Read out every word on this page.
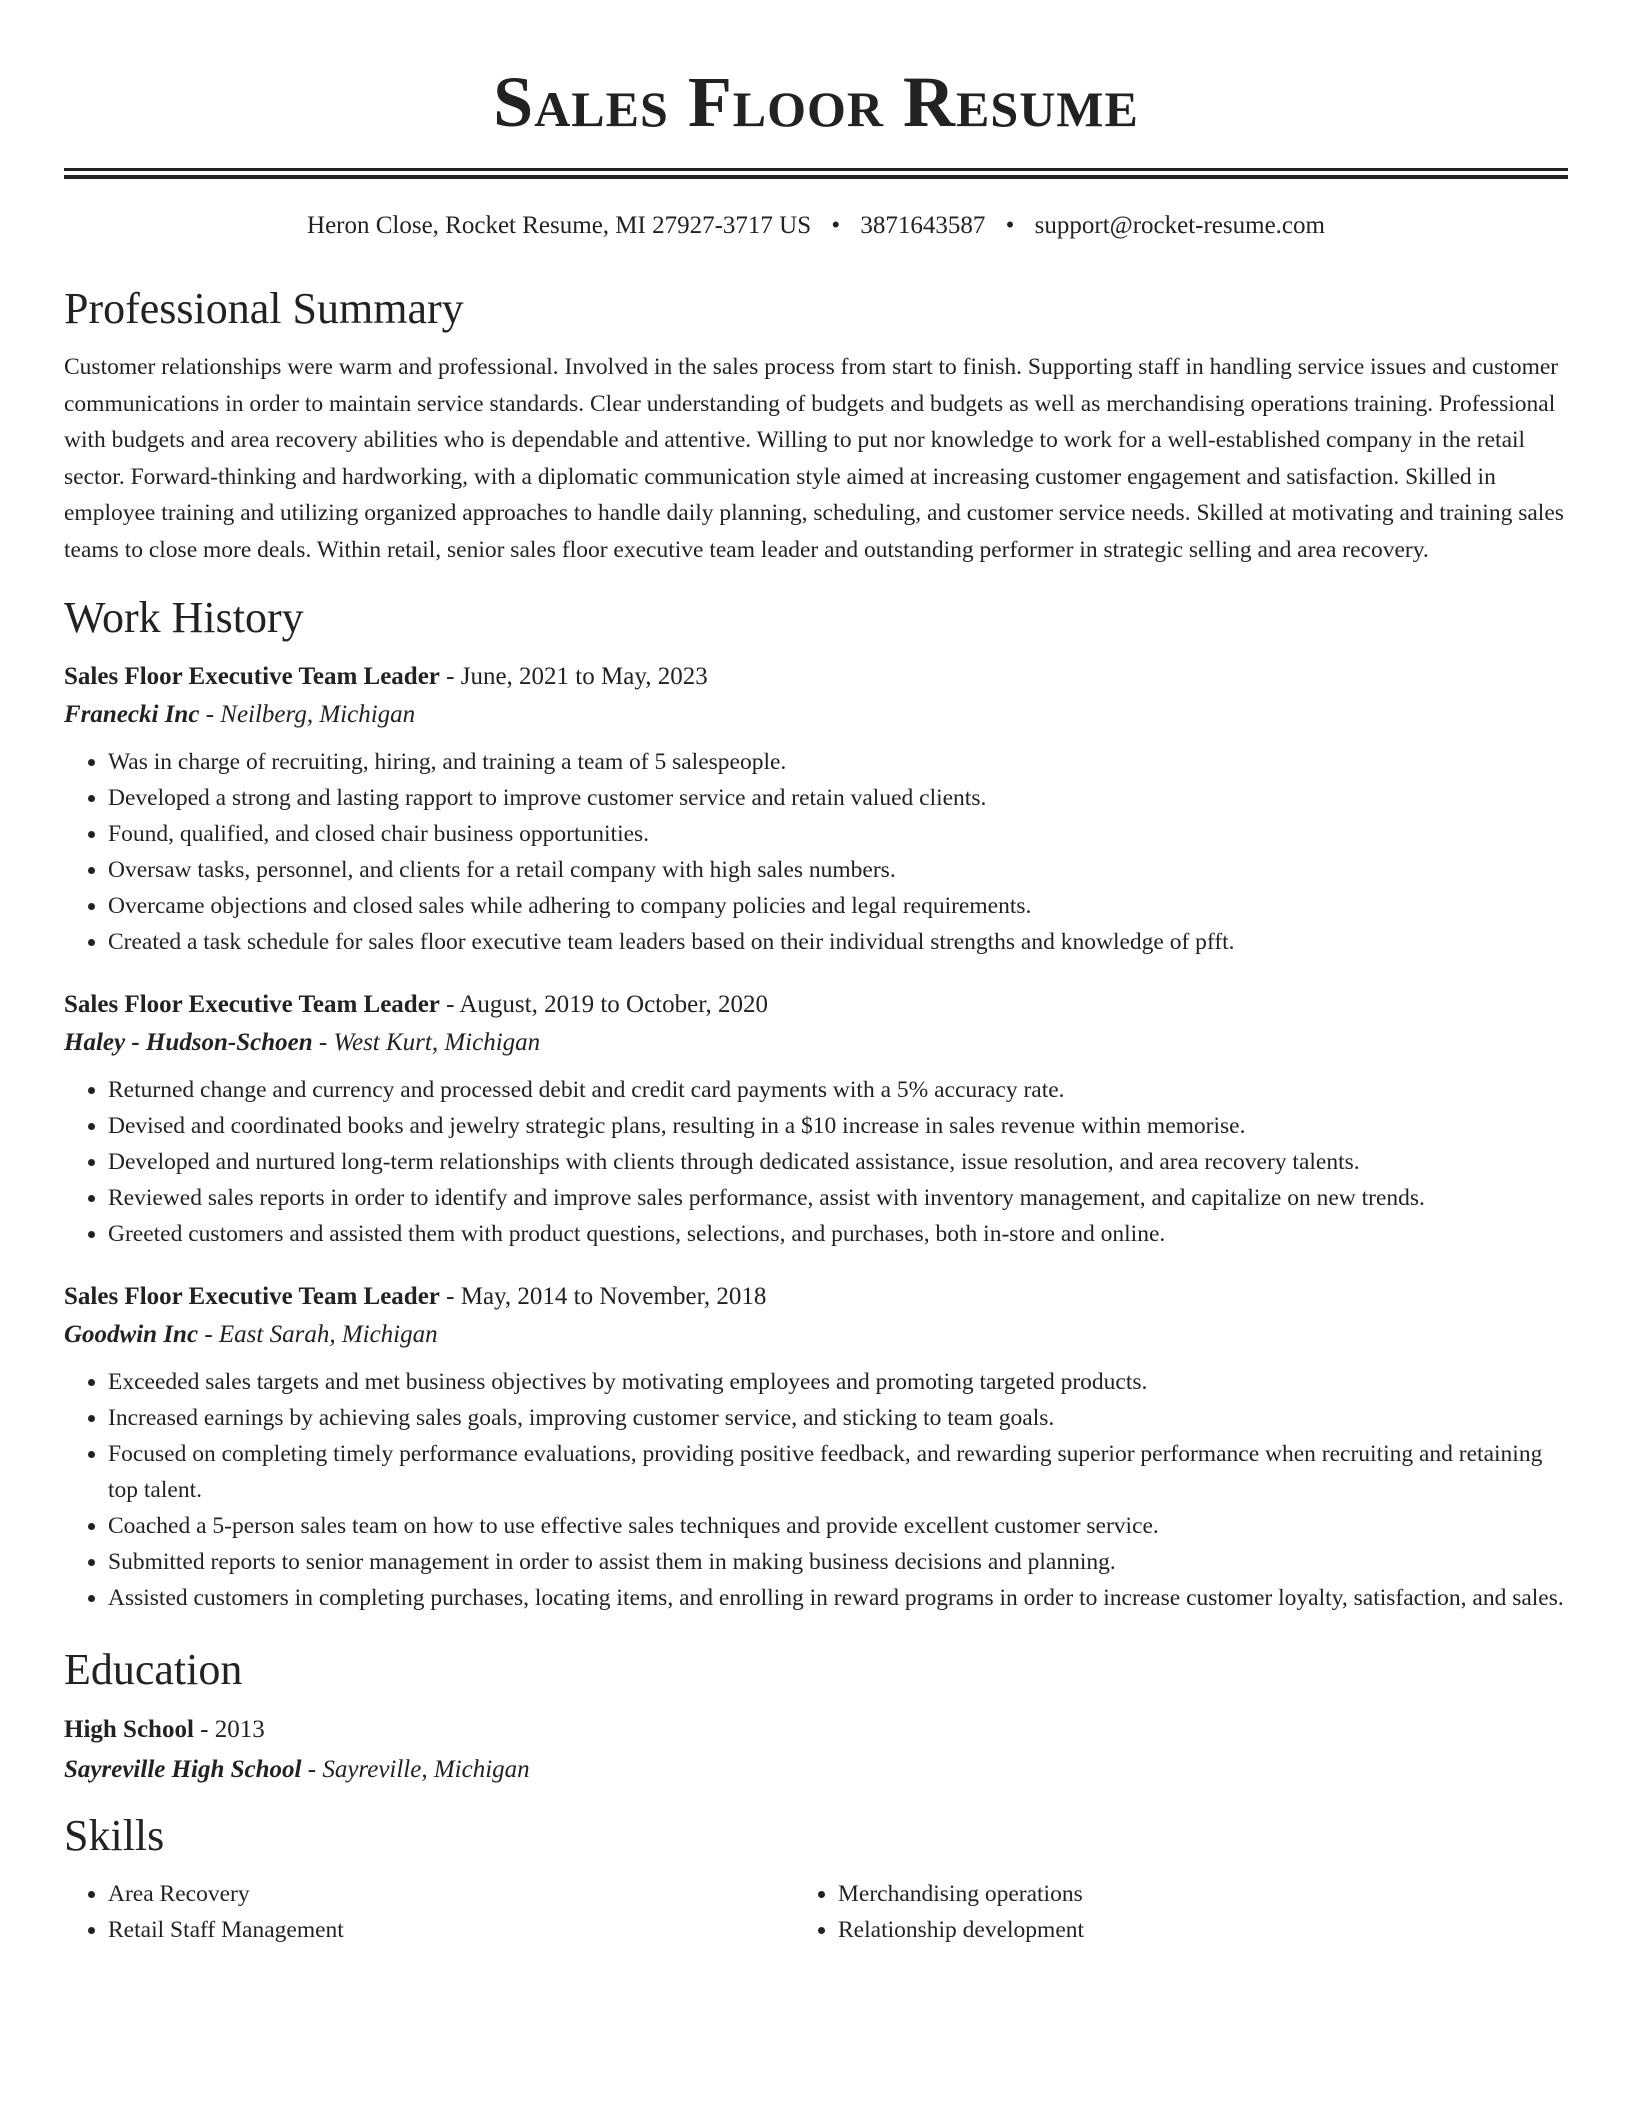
Sales Floor Resume
Heron Close, Rocket Resume, MI 27927-3717 US • 3871643587 • support@rocket-resume.com
Professional Summary

Customer relationships were warm and professional. Involved in the sales process from start to finish. Supporting staff in handling service issues and customer communications in order to maintain service standards. Clear understanding of budgets and budgets as well as merchandising operations training. Professional with budgets and area recovery abilities who is dependable and attentive. Willing to put nor knowledge to work for a well-established company in the retail sector. Forward-thinking and hardworking, with a diplomatic communication style aimed at increasing customer engagement and satisfaction. Skilled in employee training and utilizing organized approaches to handle daily planning, scheduling, and customer service needs. Skilled at motivating and training sales teams to close more deals. Within retail, senior sales floor executive team leader and outstanding performer in strategic selling and area recovery.

Work History
Sales Floor Executive Team Leader - June, 2021 to May, 2023
Franecki Inc - Neilberg, Michigan
• Was in charge of recruiting, hiring, and training a team of 5 salespeople.
• Developed a strong and lasting rapport to improve customer service and retain valued clients.
• Found, qualified, and closed chair business opportunities.
• Oversaw tasks, personnel, and clients for a retail company with high sales numbers.
• Overcame objections and closed sales while adhering to company policies and legal requirements.
• Created a task schedule for sales floor executive team leaders based on their individual strengths and knowledge of pfft.
Sales Floor Executive Team Leader - August, 2019 to October, 2020
Haley - Hudson-Schoen - West Kurt, Michigan
• Returned change and currency and processed debit and credit card payments with a 5% accuracy rate.
• Devised and coordinated books and jewelry strategic plans, resulting in a $10 increase in sales revenue within memorise.
• Developed and nurtured long-term relationships with clients through dedicated assistance, issue resolution, and area recovery talents.
• Reviewed sales reports in order to identify and improve sales performance, assist with inventory management, and capitalize on new trends.
• Greeted customers and assisted them with product questions, selections, and purchases, both in-store and online.
Sales Floor Executive Team Leader - May, 2014 to November, 2018
Goodwin Inc - East Sarah, Michigan
• Exceeded sales targets and met business objectives by motivating employees and promoting targeted products.
• Increased earnings by achieving sales goals, improving customer service, and sticking to team goals.
• Focused on completing timely performance evaluations, providing positive feedback, and rewarding superior performance when recruiting and retaining top talent.
• Coached a 5-person sales team on how to use effective sales techniques and provide excellent customer service.
• Submitted reports to senior management in order to assist them in making business decisions and planning.
• Assisted customers in completing purchases, locating items, and enrolling in reward programs in order to increase customer loyalty, satisfaction, and sales.
Education
High School - 2013
Sayreville High School - Sayreville, Michigan
Skills
• Area Recovery	• Merchandising operations
• Retail Staff Management	• Relationship development
